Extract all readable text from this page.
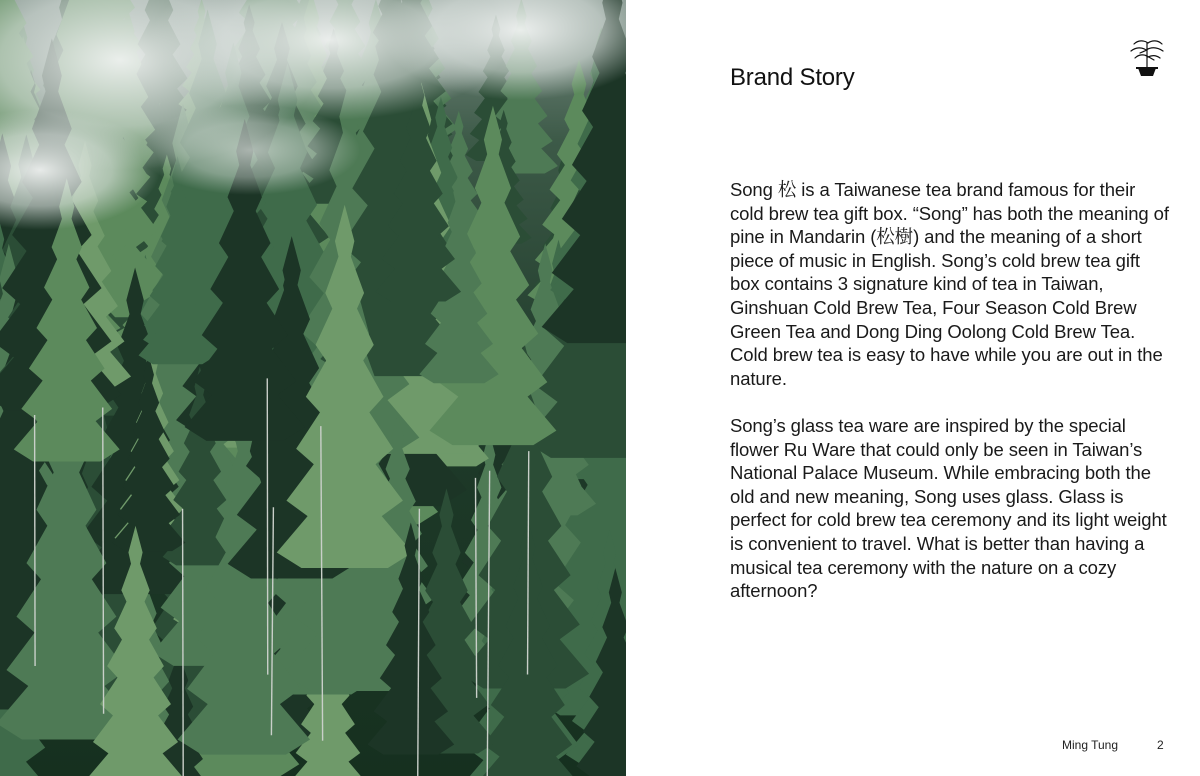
Brand Story

Song 松 is a Taiwanese tea brand famous for their cold brew tea gift box. “Song” has both the meaning of pine in Mandarin (松樹) and the meaning of a short piece of music in English. Song’s cold brew tea gift box contains 3 signature kind of tea in Taiwan, Ginshuan Cold Brew Tea, Four Season Cold Brew Green Tea and Dong Ding Oolong Cold Brew Tea. Cold brew tea is easy to have while you are out in the nature.

Song’s glass tea ware are inspired by the special flower Ru Ware that could only be seen in Taiwan’s National Palace Museum. While embracing both the old and new meaning, Song uses glass. Glass is perfect for cold brew tea ceremony and its light weight is convenient to travel. What is better than having a musical tea ceremony with the nature on a cozy afternoon?

Ming Tung	2
